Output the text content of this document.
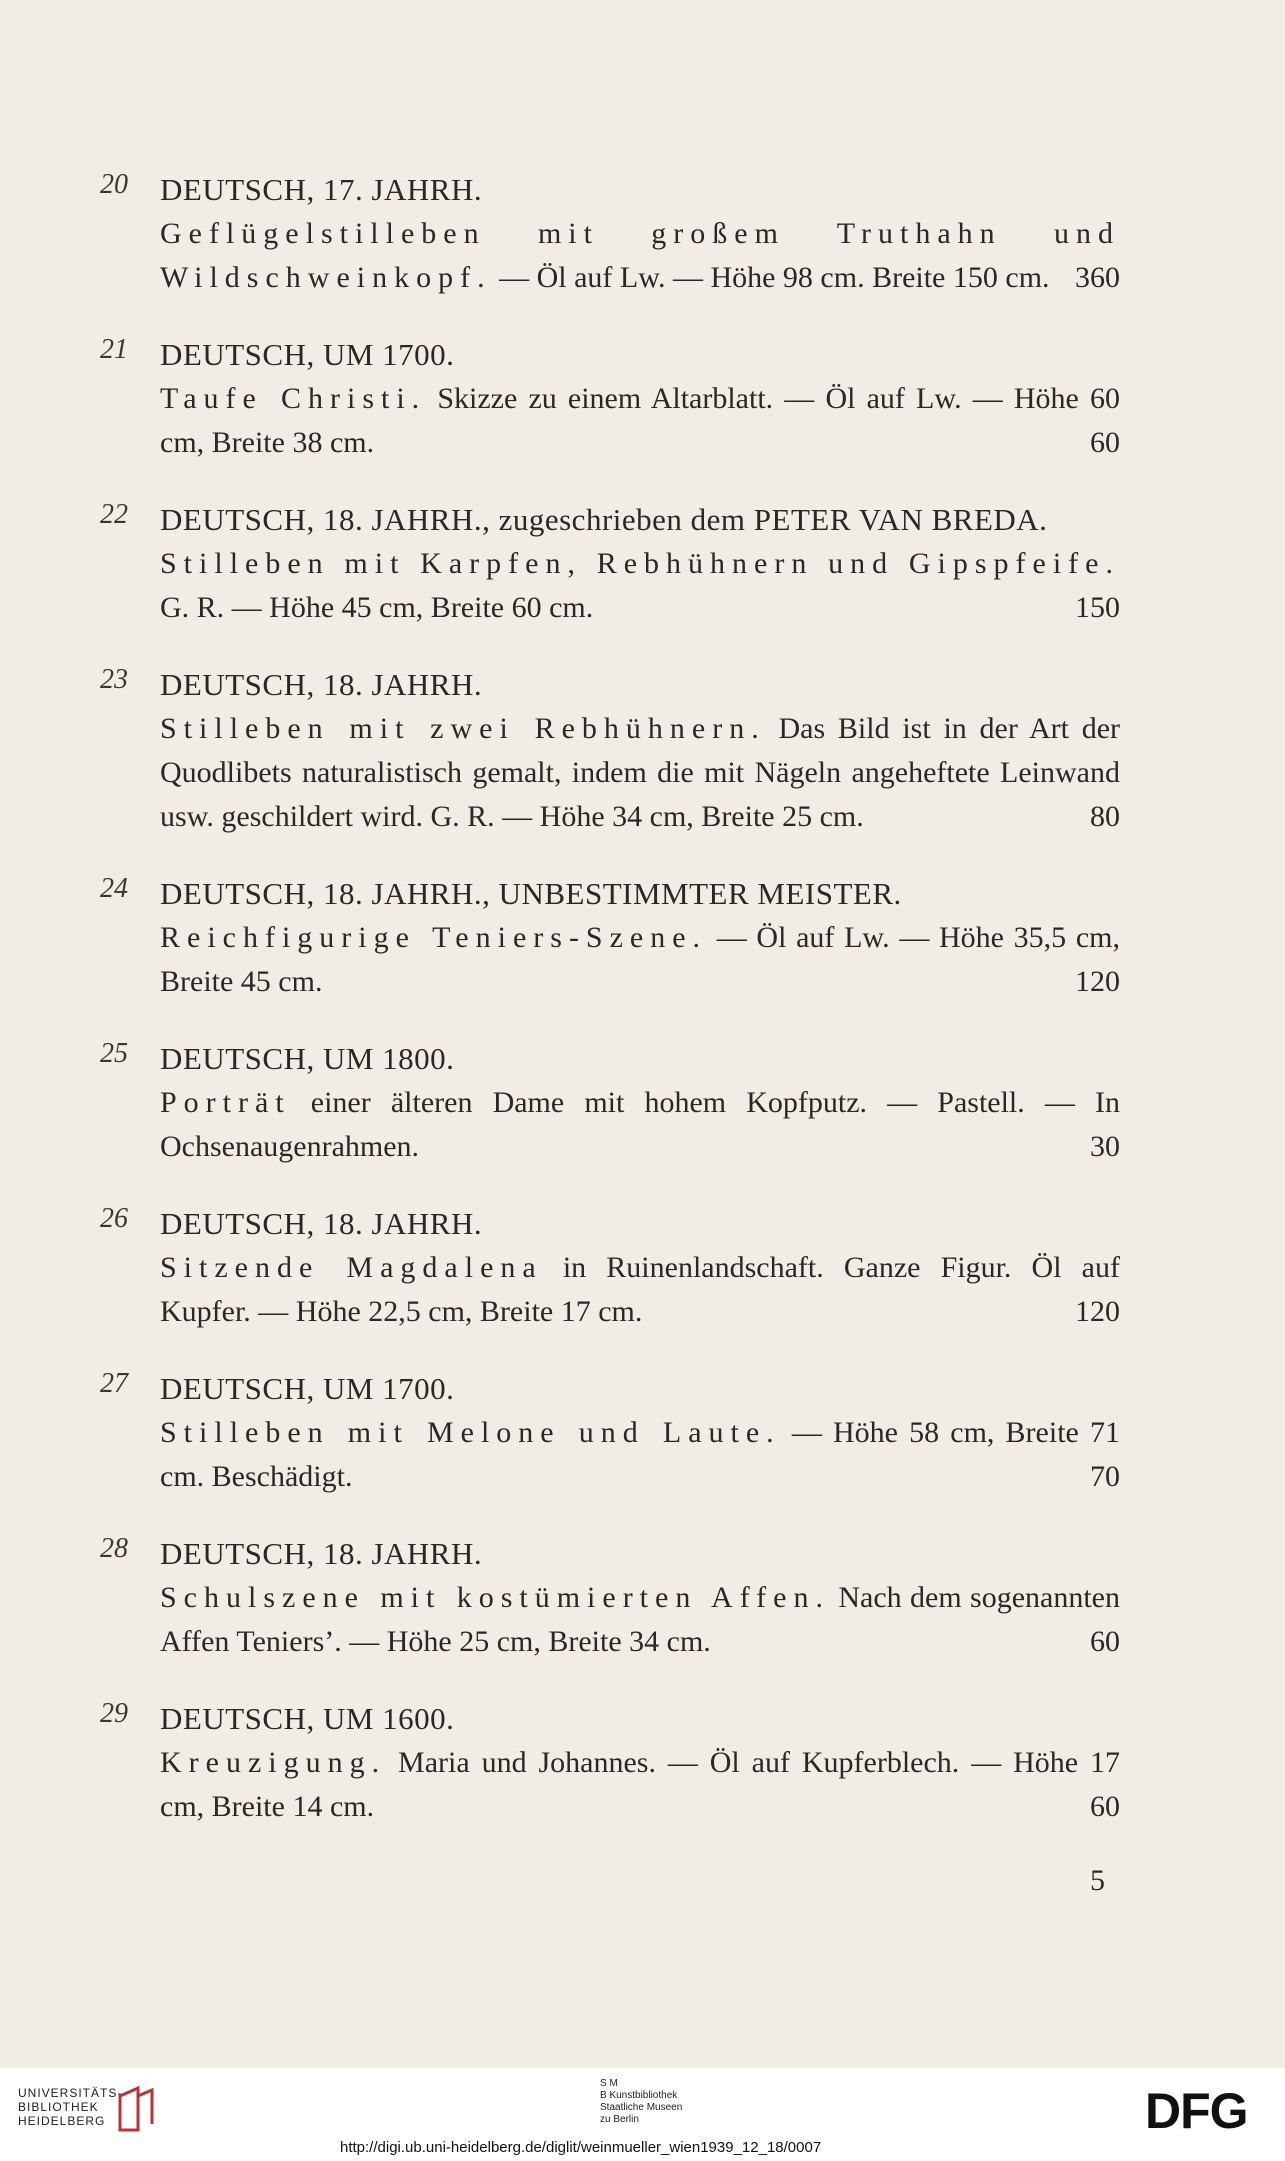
20 DEUTSCH, 17. JAHRH.
Geflügelstilleben mit großem Truthahn und Wildschweinkopf. — Öl auf Lw. — Höhe 98 cm. Breite 150 cm. 360
21 DEUTSCH, UM 1700.
Taufe Christi. Skizze zu einem Altarblatt. — Öl auf Lw. — Höhe 60 cm, Breite 38 cm.	60
22 DEUTSCH, 18. JAHRH., zugeschrieben dem PETER VAN BREDA.
Stilleben mit Karpfen, Rebhühnern und Gipspfeife. G. R. — Höhe 45 cm, Breite 60 cm.	150
23 DEUTSCH, 18. JAHRH.
Stilleben mit zwei Rebhühnern. Das Bild ist in der Art der Quodlibets naturalistisch gemalt, indem die mit Nägeln angeheftete Leinwand usw. geschildert wird. G. R. — Höhe 34 cm, Breite 25 cm.	80
24 DEUTSCH, 18. JAHRH., UNBESTIMMTER MEISTER.
Reichfigurige Teniers-Szene. — Öl auf Lw. — Höhe 35,5 cm, Breite 45 cm.	120
25 DEUTSCH, UM 1800.
Porträt einer älteren Dame mit hohem Kopfputz. — Pastell. — In Ochsenaugenrahmen.	30
26 DEUTSCH, 18. JAHRH.
Sitzende Magdalena in Ruinenlandschaft. Ganze Figur. Öl auf Kupfer. — Höhe 22,5 cm, Breite 17 cm.	120
27 DEUTSCH, UM 1700.
Stilleben mit Melone und Laute. — Höhe 58 cm, Breite 71 cm. Beschädigt.	70
28 DEUTSCH, 18. JAHRH.
Schulszene mit kostümierten Affen. Nach dem sogenannten Affen Teniers’. — Höhe 25 cm, Breite 34 cm.	60
29 DEUTSCH, UM 1600.
Kreuzigung. Maria und Johannes. — Öl auf Kupferblech. — Höhe 17 cm, Breite 14 cm.	60
5
UNIVERSITÄTS-
BIBLIOTHEK
HEIDELBERG
S M
B Kunstbibliothek
Staatliche Museen
zu Berlin	DFG
http://digi.ub.uni-heidelberg.de/diglit/weinmueller_wien1939_12_18/0007
